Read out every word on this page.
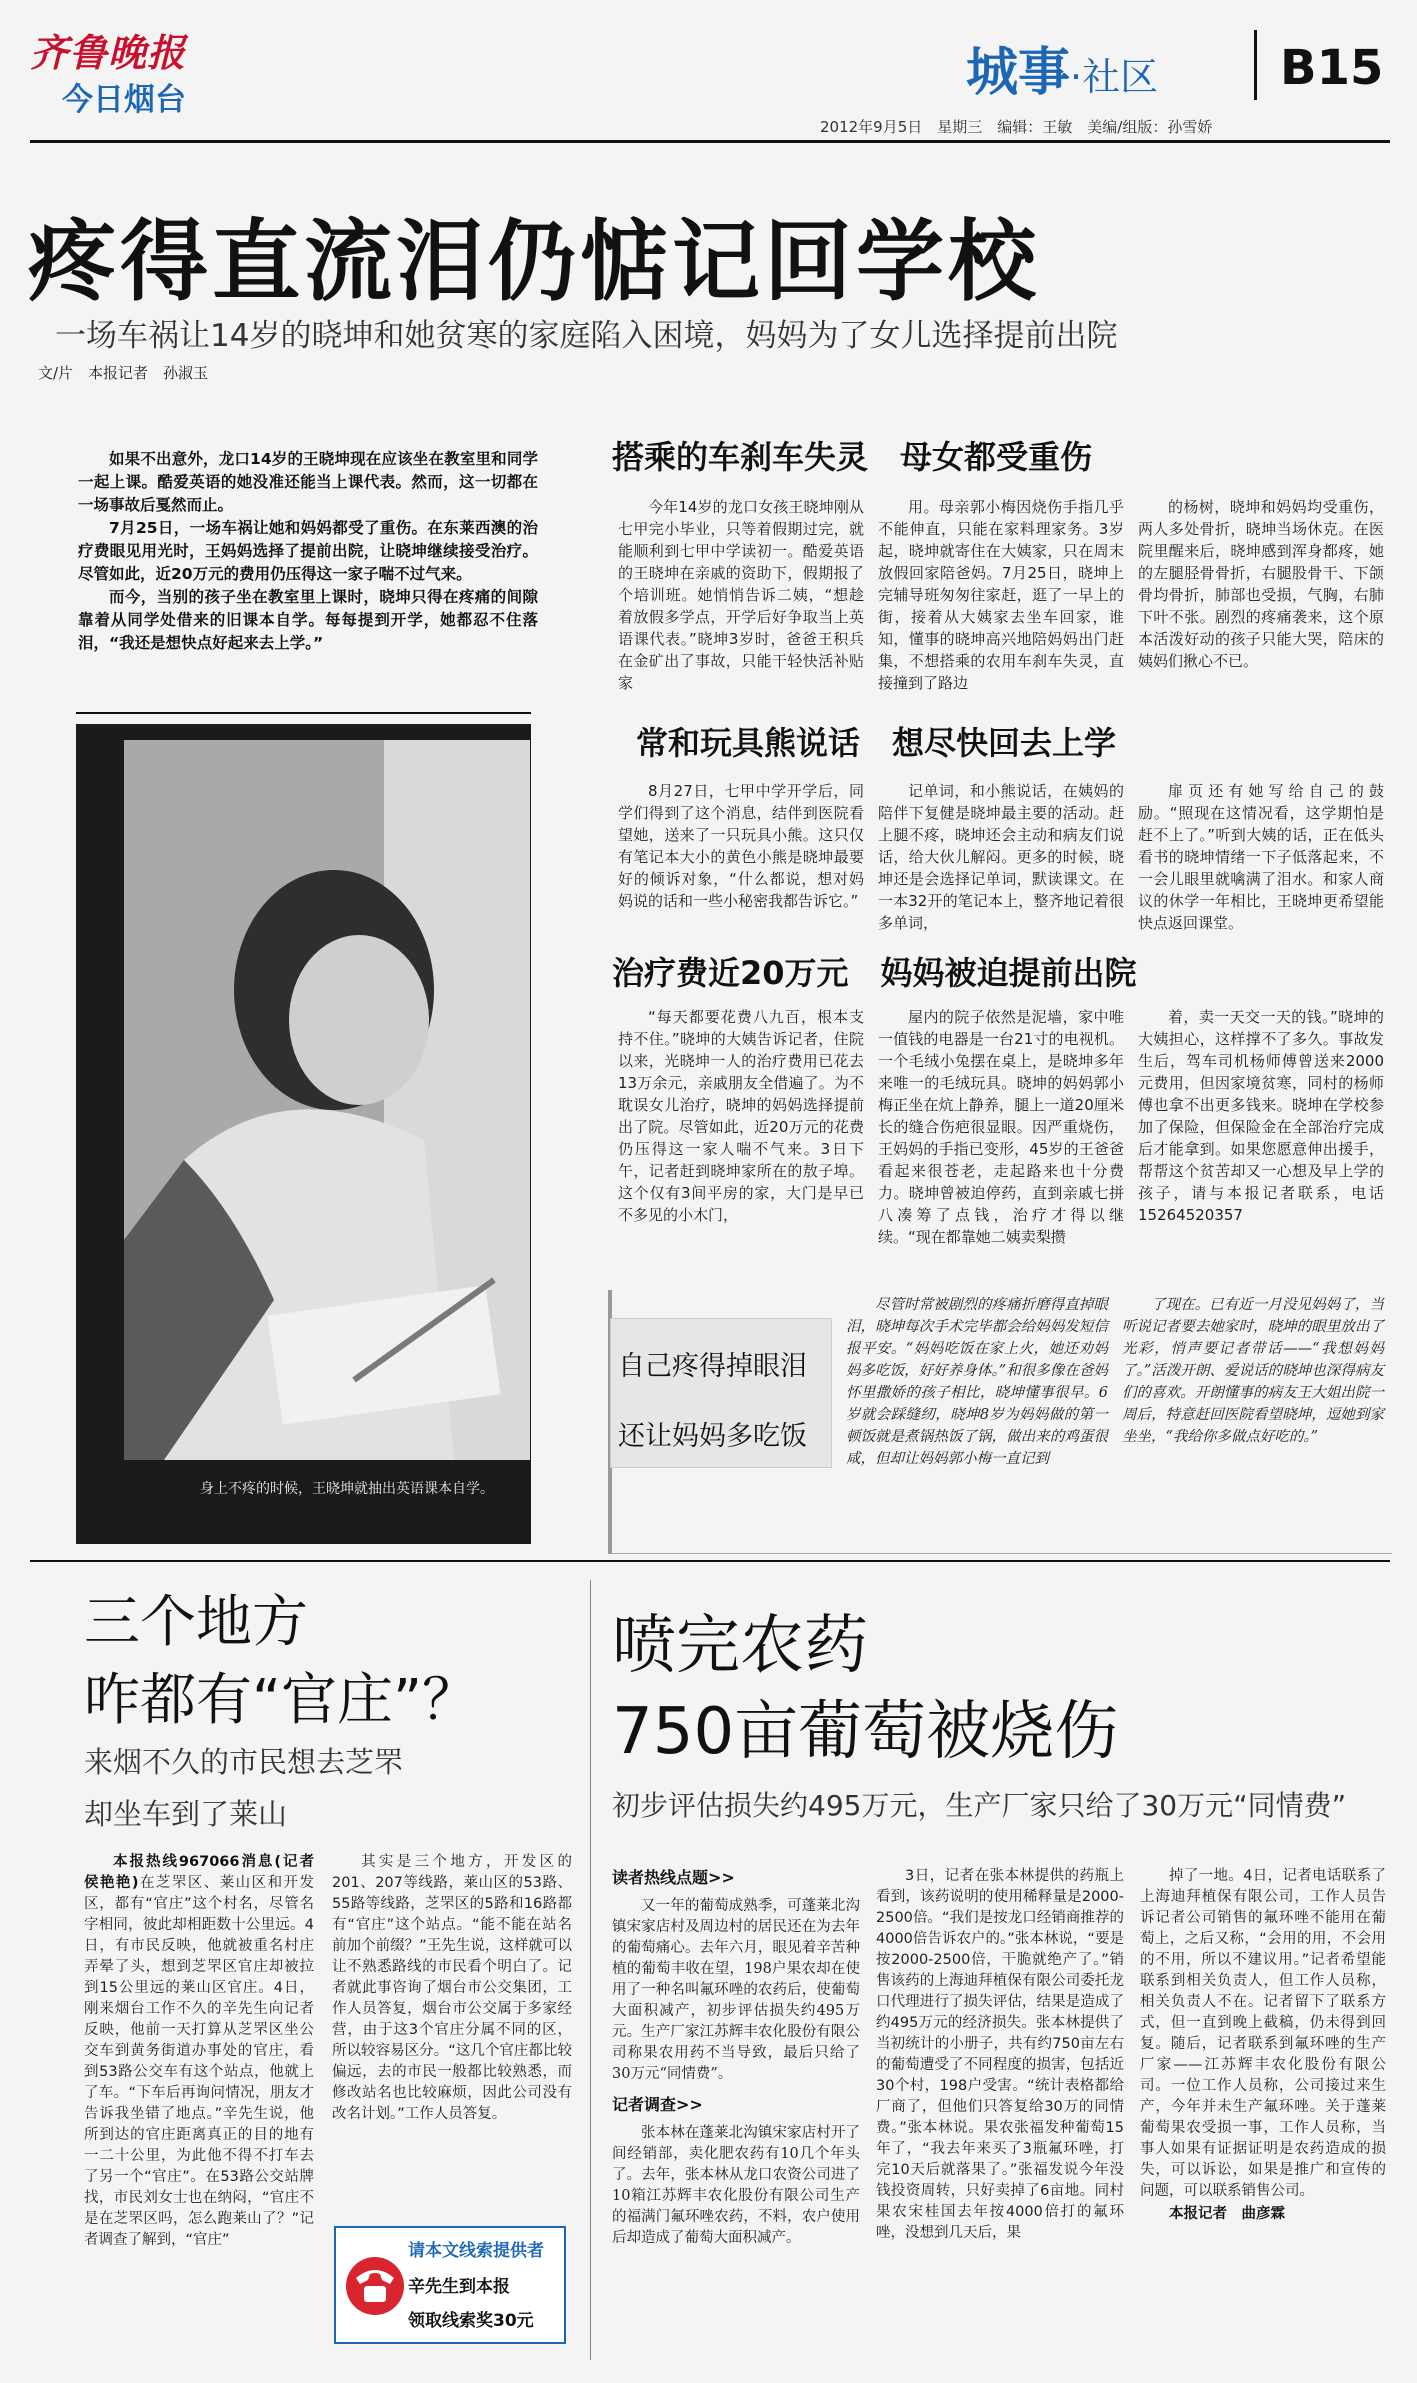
齐鲁晚报
今日烟台	城事·社区	B15
2012年9月5日　星期三　编辑：王敏　美编/组版：孙雪娇
疼得直流泪仍惦记回学校
一场车祸让14岁的晓坤和她贫寒的家庭陷入困境，妈妈为了女儿选择提前出院
文/片　本报记者　孙淑玉

如果不出意外，龙口14岁的王晓坤现在应该坐在教室里和同学一起上课。酷爱英语的她没准还能当上课代表。然而，这一切都在一场事故后戛然而止。

7月25日，一场车祸让她和妈妈都受了重伤。在东莱西澳的治疗费眼见用光时，王妈妈选择了提前出院，让晓坤继续接受治疗。尽管如此，近20万元的费用仍压得这一家子喘不过气来。

而今，当别的孩子坐在教室里上课时，晓坤只得在疼痛的间隙靠着从同学处借来的旧课本自学。每每提到开学，她都忍不住落泪，“我还是想快点好起来去上学。”

身上不疼的时候，王晓坤就抽出英语课本自学。
搭乘的车刹车失灵　母女都受重伤
今年14岁的龙口女孩王晓坤刚从七甲完小毕业，只等着假期过完，就能顺利到七甲中学读初一。酷爱英语的王晓坤在亲戚的资助下，假期报了个培训班。她悄悄告诉二姨，“想趁着放假多学点，开学后好争取当上英语课代表。”晓坤3岁时，爸爸王积兵在金矿出了事故，只能干轻快活补贴家
用。母亲郭小梅因烧伤手指几乎不能伸直，只能在家料理家务。3岁起，晓坤就寄住在大姨家，只在周末放假回家陪爸妈。7月25日，晓坤上完辅导班匆匆往家赶，逛了一早上的街，接着从大姨家去坐车回家，谁知，懂事的晓坤高兴地陪妈妈出门赶集，不想搭乘的农用车刹车失灵，直接撞到了路边
的杨树，晓坤和妈妈均受重伤，两人多处骨折，晓坤当场休克。在医院里醒来后，晓坤感到浑身都疼，她的左腿胫骨骨折，右腿股骨干、下颌骨均骨折，肺部也受损，气胸，右肺下叶不张。剧烈的疼痛袭来，这个原本活泼好动的孩子只能大哭，陪床的姨妈们揪心不已。
常和玩具熊说话　想尽快回去上学
8月27日，七甲中学开学后，同学们得到了这个消息，结伴到医院看望她，送来了一只玩具小熊。这只仅有笔记本大小的黄色小熊是晓坤最要好的倾诉对象，“什么都说，想对妈妈说的话和一些小秘密我都告诉它。”
记单词，和小熊说话，在姨妈的陪伴下复健是晓坤最主要的活动。赶上腿不疼，晓坤还会主动和病友们说话，给大伙儿解闷。更多的时候，晓坤还是会选择记单词，默读课文。在一本32开的笔记本上，整齐地记着很多单词，
扉页还有她写给自己的鼓励。“照现在这情况看，这学期怕是赶不上了。”听到大姨的话，正在低头看书的晓坤情绪一下子低落起来，不一会儿眼里就噙满了泪水。和家人商议的休学一年相比，王晓坤更希望能快点返回课堂。
治疗费近20万元　妈妈被迫提前出院
“每天都要花费八九百，根本支持不住。”晓坤的大姨告诉记者，住院以来，光晓坤一人的治疗费用已花去13万余元，亲戚朋友全借遍了。为不耽误女儿治疗，晓坤的妈妈选择提前出了院。尽管如此，近20万元的花费仍压得这一家人喘不气来。3日下午，记者赶到晓坤家所在的敖子埠。这个仅有3间平房的家，大门是早已不多见的小木门，
屋内的院子依然是泥墙，家中唯一值钱的电器是一台21寸的电视机。一个毛绒小兔摆在桌上，是晓坤多年来唯一的毛绒玩具。晓坤的妈妈郭小梅正坐在炕上静养，腿上一道20厘米长的缝合伤疤很显眼。因严重烧伤，王妈妈的手指已变形，45岁的王爸爸看起来很苍老，走起路来也十分费力。晓坤曾被迫停药，直到亲戚七拼八凑筹了点钱，治疗才得以继续。“现在都靠她二姨卖梨攒
着，卖一天交一天的钱。”晓坤的大姨担心，这样撑不了多久。事故发生后，驾车司机杨师傅曾送来2000元费用，但因家境贫寒，同村的杨师傅也拿不出更多钱来。晓坤在学校参加了保险，但保险金在全部治疗完成后才能拿到。如果您愿意伸出援手，帮帮这个贫苦却又一心想及早上学的孩子，请与本报记者联系，电话15264520357
自己疼得掉眼泪
还让妈妈多吃饭
尽管时常被剧烈的疼痛折磨得直掉眼泪，晓坤每次手术完毕都会给妈妈发短信报平安。“妈妈吃饭在家上火，她还劝妈妈多吃饭，好好养身体。”和很多像在爸妈怀里撒娇的孩子相比，晓坤懂事很早。6岁就会踩缝纫，晓坤8岁为妈妈做的第一顿饭就是煮锅热饭了锅，做出来的鸡蛋很咸，但却让妈妈郭小梅一直记到
了现在。已有近一月没见妈妈了，当听说记者要去她家时，晓坤的眼里放出了光彩，悄声要记者带话——“我想妈妈了。”活泼开朗、爱说话的晓坤也深得病友们的喜欢。开朗懂事的病友王大姐出院一周后，特意赶回医院看望晓坤，逗她到家坐坐，“我给你多做点好吃的。”
三个地方
咋都有“官庄”？
来烟不久的市民想去芝罘
却坐车到了莱山

本报热线967066消息(记者　侯艳艳)在芝罘区、莱山区和开发区，都有“官庄”这个村名，尽管名字相同，彼此却相距数十公里远。4日，有市民反映，他就被重名村庄弄晕了头，想到芝罘区官庄却被拉到15公里远的莱山区官庄。4日，刚来烟台工作不久的辛先生向记者反映，他前一天打算从芝罘区坐公交车到黄务街道办事处的官庄，看到53路公交车有这个站点，他就上了车。“下车后再询问情况，朋友才告诉我坐错了地点。”辛先生说，他所到达的官庄距离真正的目的地有一二十公里，为此他不得不打车去了另一个“官庄”。在53路公交站牌找，市民刘女士也在纳闷，“官庄不是在芝罘区吗，怎么跑莱山了？”记者调查了解到，“官庄”

其实是三个地方，开发区的201、207等线路，莱山区的53路、55路等线路，芝罘区的5路和16路都有“官庄”这个站点。“能不能在站名前加个前缀？”王先生说，这样就可以让不熟悉路线的市民看个明白了。记者就此事咨询了烟台市公交集团，工作人员答复，烟台市公交属于多家经营，由于这3个官庄分属不同的区，所以较容易区分。“这几个官庄都比较偏远，去的市民一般都比较熟悉，而修改站名也比较麻烦，因此公司没有改名计划。”工作人员答复。
请本文线索提供者
辛先生到本报
领取线索奖30元
喷完农药
750亩葡萄被烧伤
初步评估损失约495万元，生产厂家只给了30万元“同情费”
读者热线点题>>

又一年的葡萄成熟季，可蓬莱北沟镇宋家店村及周边村的居民还在为去年的葡萄痛心。去年六月，眼见着辛苦种植的葡萄丰收在望，198户果农却在使用了一种名叫氟环唑的农药后，使葡萄大面积减产，初步评估损失约495万元。生产厂家江苏辉丰农化股份有限公司称果农用药不当导致，最后只给了30万元“同情费”。

记者调查>>

张本林在蓬莱北沟镇宋家店村开了间经销部，卖化肥农药有10几个年头了。去年，张本林从龙口农资公司进了10箱江苏辉丰农化股份有限公司生产的福满门氟环唑农药，不料，农户使用后却造成了葡萄大面积减产。

3日，记者在张本林提供的药瓶上看到，该药说明的使用稀释量是2000-2500倍。“我们是按龙口经销商推荐的4000倍告诉农户的。”张本林说，“要是按2000-2500倍，干脆就绝产了。”销售该药的上海迪拜植保有限公司委托龙口代理进行了损失评估，结果是造成了约495万元的经济损失。张本林提供了当初统计的小册子，共有约750亩左右的葡萄遭受了不同程度的损害，包括近30个村，198户受害。“统计表格都给厂商了，但他们只答复给30万的同情费。”张本林说。果农张福发种葡萄15年了，“我去年来买了3瓶氟环唑，打完10天后就落果了。”张福发说今年没钱投资周转，只好卖掉了6亩地。同村果农宋桂国去年按4000倍打的氟环唑，没想到几天后，果

掉了一地。4日，记者电话联系了上海迪拜植保有限公司，工作人员告诉记者公司销售的氟环唑不能用在葡萄上，之后又称，“会用的用，不会用的不用，所以不建议用。”记者希望能联系到相关负责人，但工作人员称，相关负责人不在。记者留下了联系方式，但一直到晚上截稿，仍未得到回复。随后，记者联系到氟环唑的生产厂家——江苏辉丰农化股份有限公司。一位工作人员称，公司接过来生产，今年并未生产氟环唑。关于蓬莱葡萄果农受损一事，工作人员称，当事人如果有证据证明是农药造成的损失，可以诉讼，如果是推广和宣传的问题，可以联系销售公司。

本报记者　曲彦霖
